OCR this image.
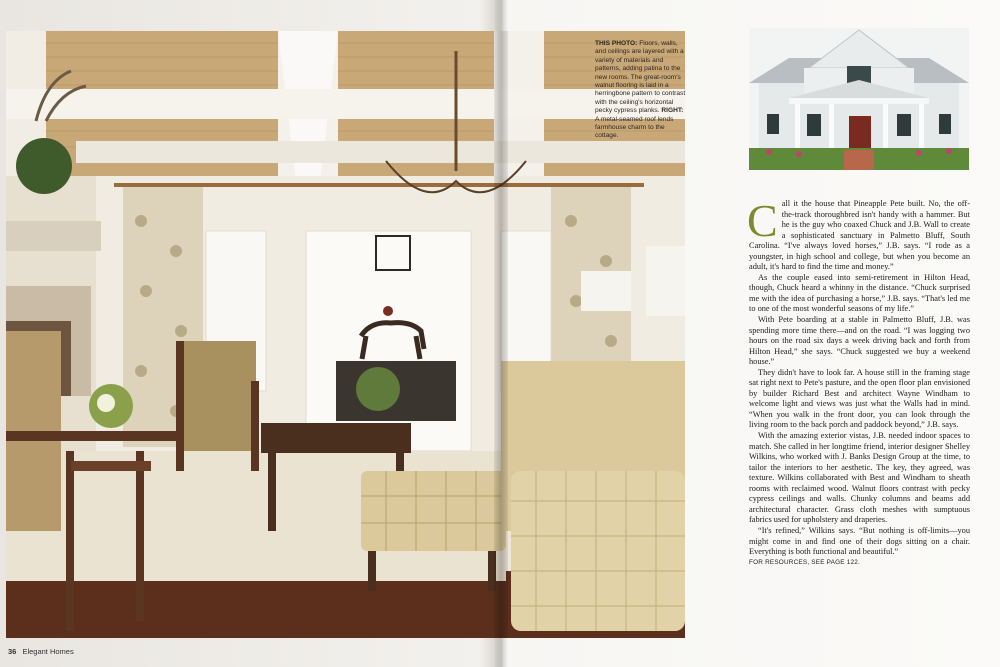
THIS PHOTO: Floors, walls, and ceilings are layered with a variety of materials and patterns, adding patina to the new rooms. The great-room's walnut flooring is laid in a herringbone pattern to contrast with the ceiling's horizontal pecky cypress planks. RIGHT: A metal-seamed roof lends farmhouse charm to the cottage.

Call it the house that Pineapple Pete built. No, the off-the-track thoroughbred isn't handy with a hammer. But he is the guy who coaxed Chuck and J.B. Wall to create a sophisticated sanctuary in Palmetto Bluff, South Carolina. “I've always loved horses,” J.B. says. “I rode as a youngster, in high school and college, but when you become an adult, it's hard to find the time and money.”

As the couple eased into semi-retirement in Hilton Head, though, Chuck heard a whinny in the distance. “Chuck surprised me with the idea of purchasing a horse,” J.B. says. “That's led me to one of the most wonderful seasons of my life.”

With Pete boarding at a stable in Palmetto Bluff, J.B. was spending more time there—and on the road. “I was logging two hours on the road six days a week driving back and forth from Hilton Head,” she says. “Chuck suggested we buy a weekend house.”

They didn't have to look far. A house still in the framing stage sat right next to Pete's pasture, and the open floor plan envisioned by builder Richard Best and architect Wayne Windham to welcome light and views was just what the Walls had in mind. “When you walk in the front door, you can look through the living room to the back porch and paddock beyond,” J.B. says.

With the amazing exterior vistas, J.B. needed indoor spaces to match. She called in her longtime friend, interior designer Shelley Wilkins, who worked with J. Banks Design Group at the time, to tailor the interiors to her aesthetic. The key, they agreed, was texture. Wilkins collaborated with Best and Windham to sheath rooms with reclaimed wood. Walnut floors contrast with pecky cypress ceilings and walls. Chunky columns and beams add architectural character. Grass cloth meshes with sumptuous fabrics used for upholstery and draperies.

“It's refined,” Wilkins says. “But nothing is off-limits—you might come in and find one of their dogs sitting on a chair. Everything is both functional and beautiful.”

FOR RESOURCES, SEE PAGE 122.

36 Elegant Homes
